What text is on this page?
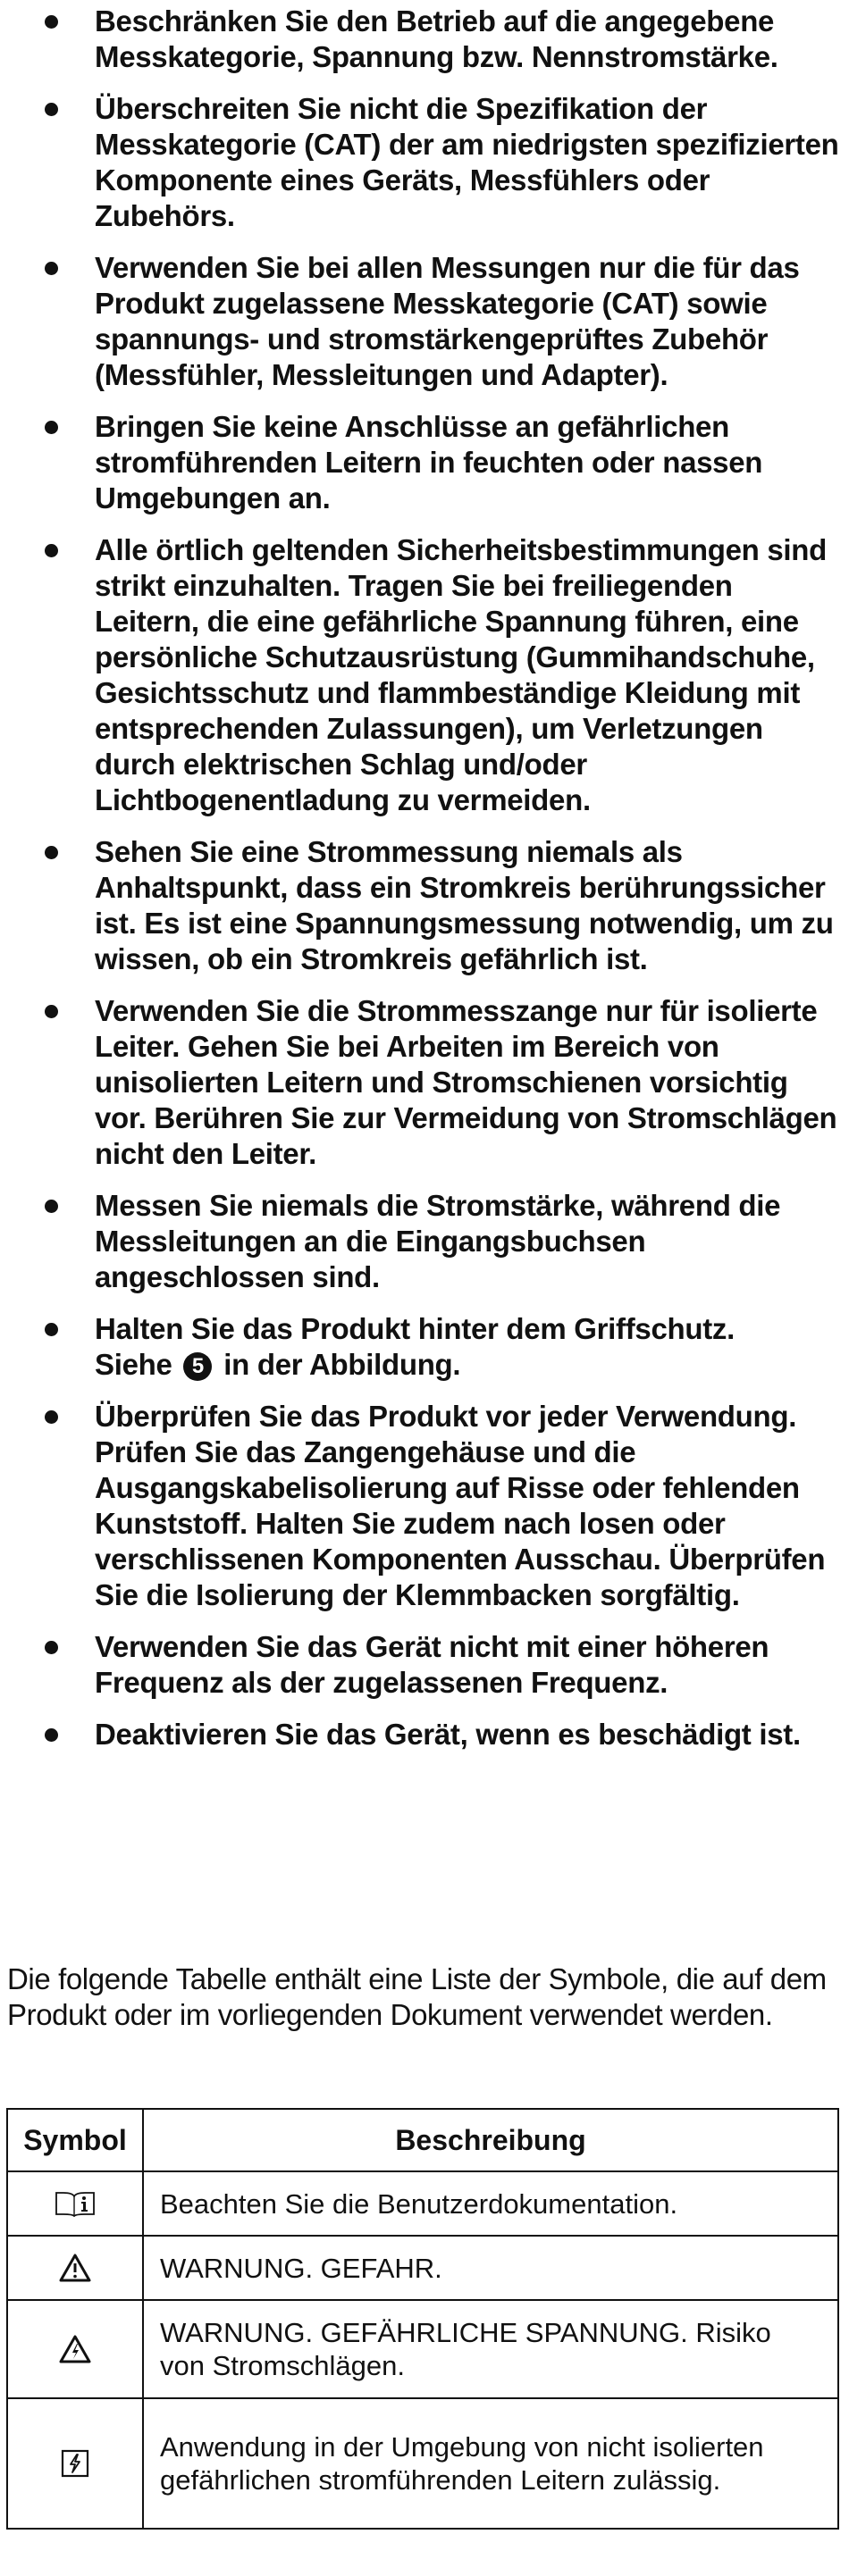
Beschränken Sie den Betrieb auf die angegebene Messkategorie, Spannung bzw. Nennstromstärke.
Überschreiten Sie nicht die Spezifikation der Messkategorie (CAT) der am niedrigsten spezifizierten Komponente eines Geräts, Messfühlers oder Zubehörs.
Verwenden Sie bei allen Messungen nur die für das Produkt zugelassene Messkategorie (CAT) sowie spannungs- und stromstärkengeprüftes Zubehör (Messfühler, Messleitungen und Adapter).
Bringen Sie keine Anschlüsse an gefährlichen stromführenden Leitern in feuchten oder nassen Umgebungen an.
Alle örtlich geltenden Sicherheitsbestimmungen sind strikt einzuhalten. Tragen Sie bei freiliegenden Leitern, die eine gefährliche Spannung führen, eine persönliche Schutzausrüstung (Gummihandschuhe, Gesichtsschutz und flammbeständige Kleidung mit entsprechenden Zulassungen), um Verletzungen durch elektrischen Schlag und/oder Lichtbogenentladung zu vermeiden.
Sehen Sie eine Strommessung niemals als Anhaltspunkt, dass ein Stromkreis berührungssicher ist. Es ist eine Spannungsmessung notwendig, um zu wissen, ob ein Stromkreis gefährlich ist.
Verwenden Sie die Strommesszange nur für isolierte Leiter. Gehen Sie bei Arbeiten im Bereich von unisolierten Leitern und Stromschienen vorsichtig vor. Berühren Sie zur Vermeidung von Stromschlägen nicht den Leiter.
Messen Sie niemals die Stromstärke, während die Messleitungen an die Eingangsbuchsen angeschlossen sind.
Halten Sie das Produkt hinter dem Griffschutz.
Siehe 5 in der Abbildung.
Überprüfen Sie das Produkt vor jeder Verwendung. Prüfen Sie das Zangengehäuse und die Ausgangskabelisolierung auf Risse oder fehlenden Kunststoff. Halten Sie zudem nach losen oder verschlissenen Komponenten Ausschau. Überprüfen Sie die Isolierung der Klemmbacken sorgfältig.
Verwenden Sie das Gerät nicht mit einer höheren Frequenz als der zugelassenen Frequenz.
Deaktivieren Sie das Gerät, wenn es beschädigt ist.

Die folgende Tabelle enthält eine Liste der Symbole, die auf dem Produkt oder im vorliegenden Dokument verwendet werden.

Symbol	Beschreibung

	Beachten Sie die Benutzerdokumentation.

	WARNUNG. GEFAHR.

	WARNUNG. GEFÄHRLICHE SPANNUNG. Risiko von Stromschlägen.

	Anwendung in der Umgebung von nicht isolierten gefährlichen stromführenden Leitern zulässig.
